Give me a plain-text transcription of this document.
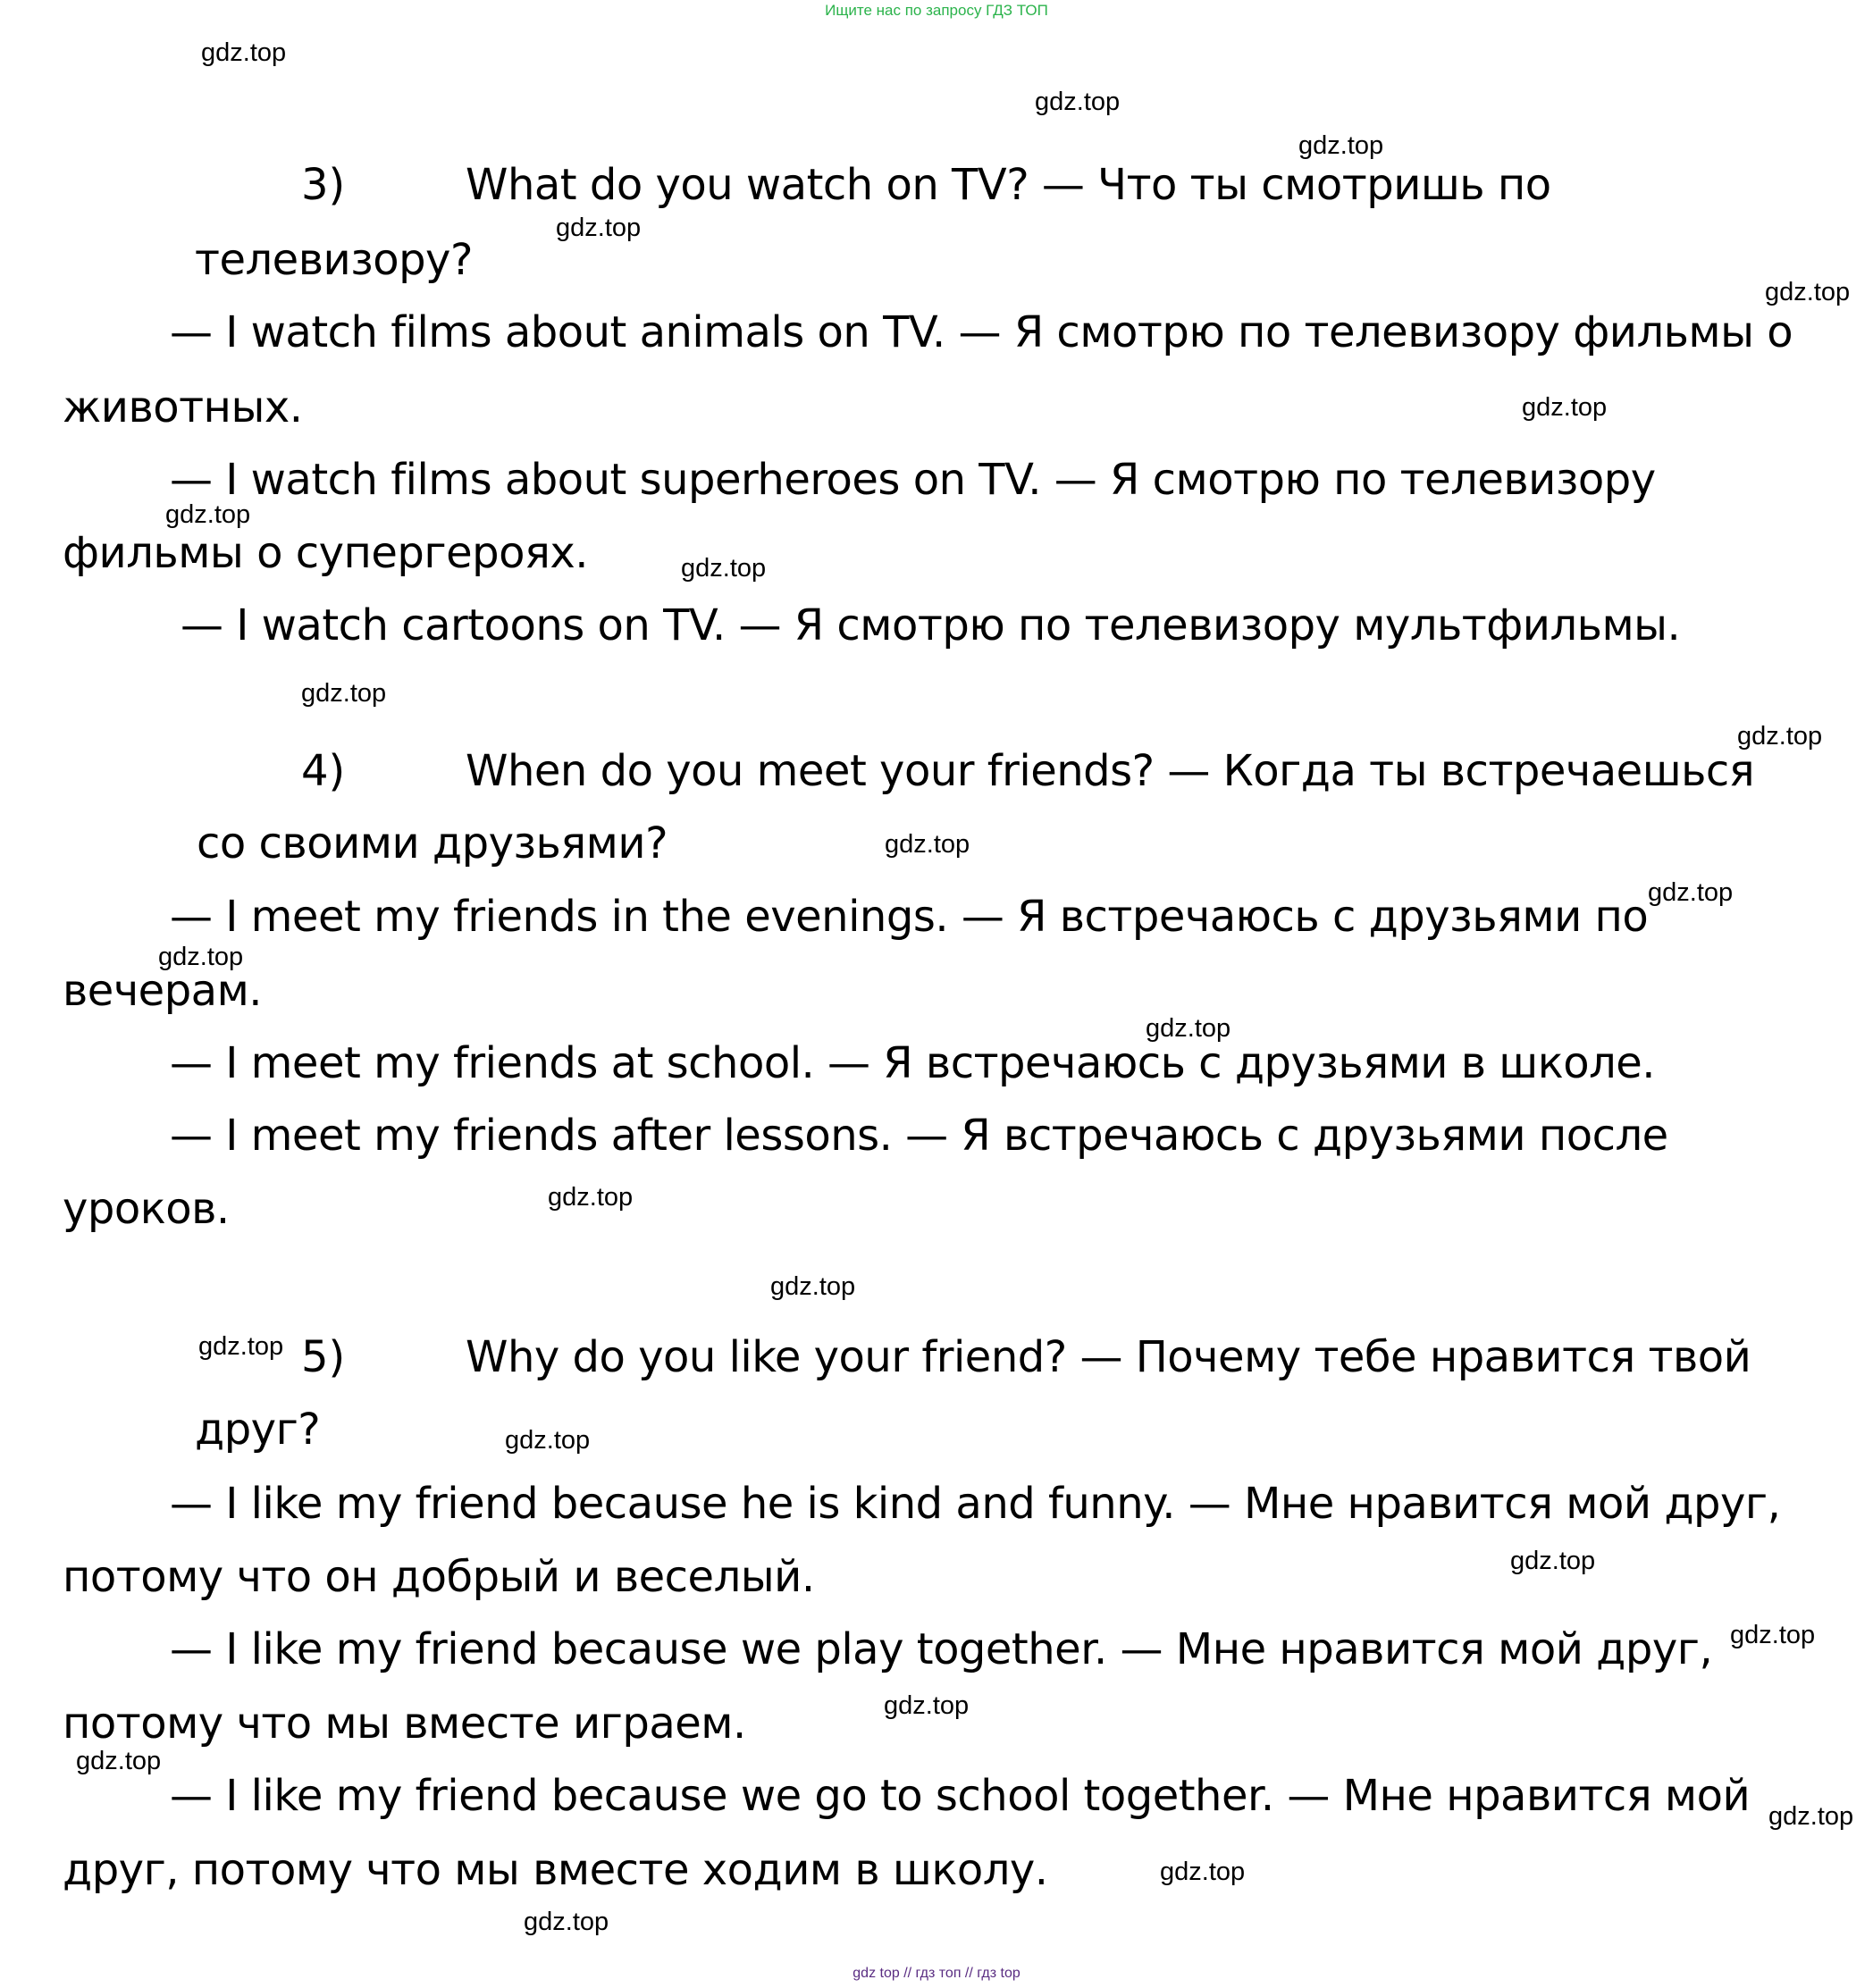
Ищите нас по запросу ГДЗ ТОП
3)	What do you watch on TV? — Что ты смотришь по
телевизору?
— I watch films about animals on TV. — Я смотрю по телевизору фильмы о
животных.
— I watch films about superheroes on TV. — Я смотрю по телевизору
фильмы о супергероях.
— I watch cartoons on TV. — Я смотрю по телевизору мультфильмы.
4)	When do you meet your friends? — Когда ты встречаешься
со своими друзьями?
— I meet my friends in the evenings. — Я встречаюсь с друзьями по
вечерам.
— I meet my friends at school. — Я встречаюсь с друзьями в школе.
— I meet my friends after lessons. — Я встречаюсь с друзьями после
уроков.
5)	Why do you like your friend? — Почему тебе нравится твой
друг?
— I like my friend because he is kind and funny. — Мне нравится мой друг,
потому что он добрый и веселый.
— I like my friend because we play together. — Мне нравится мой друг,
потому что мы вместе играем.
— I like my friend because we go to school together. — Мне нравится мой
друг, потому что мы вместе ходим в школу.
gdz.top
gdz.top
gdz.top
gdz.top
gdz.top
gdz.top
gdz.top
gdz.top
gdz.top
gdz.top
gdz.top
gdz.top
gdz.top
gdz.top
gdz.top
gdz.top
gdz.top
gdz.top
gdz.top
gdz.top
gdz.top
gdz.top
gdz.top
gdz.top
gdz.top
gdz top // гдз топ // гдз top
